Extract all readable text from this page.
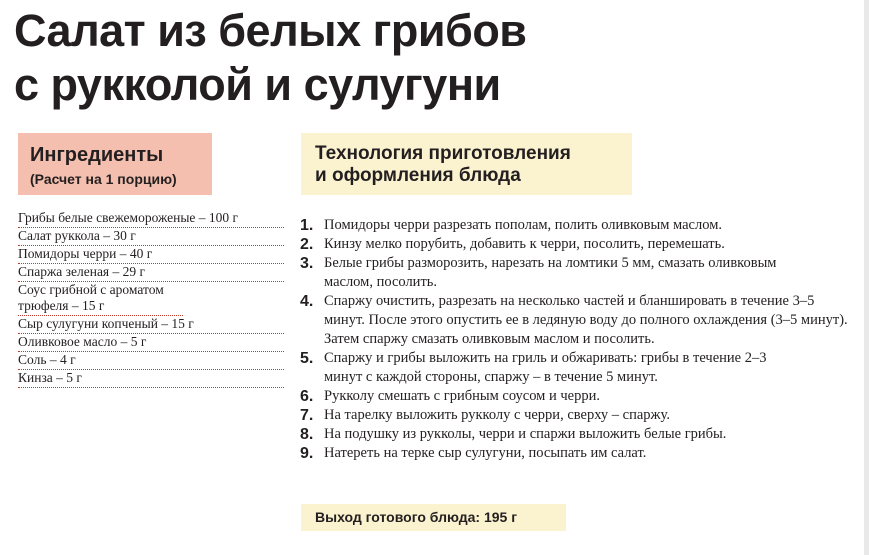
Салат из белых грибов
с рукколой и сулугуни
Ингредиенты
(Расчет на 1 порцию)
Технология приготовления
и оформления блюда
Грибы белые свежемороженые – 100 г
Салат руккола – 30 г
Помидоры черри – 40 г
Спаржа зеленая – 29 г
Соус грибной с ароматом трюфеля – 15 г
Сыр сулугуни копченый – 15 г
Оливковое масло – 5 г
Соль – 4 г
Кинза – 5 г
1. Помидоры черри разрезать пополам, полить оливковым маслом.
2. Кинзу мелко порубить, добавить к черри, посолить, перемешать.
3. Белые грибы разморозить, нарезать на ломтики 5 мм, смазать оливковым маслом, посолить.
4. Спаржу очистить, разрезать на несколько частей и бланшировать в течение 3–5 минут. После этого опустить ее в ледяную воду до полного охлаждения (3–5 минут). Затем спаржу смазать оливковым маслом и посолить.
5. Спаржу и грибы выложить на гриль и обжаривать: грибы в течение 2–3 минут с каждой стороны, спаржу – в течение 5 минут.
6. Рукколу смешать с грибным соусом и черри.
7. На тарелку выложить рукколу с черри, сверху – спаржу.
8. На подушку из рукколы, черри и спаржи выложить белые грибы.
9. Натереть на терке сыр сулугуни, посыпать им салат.
Выход готового блюда: 195 г
